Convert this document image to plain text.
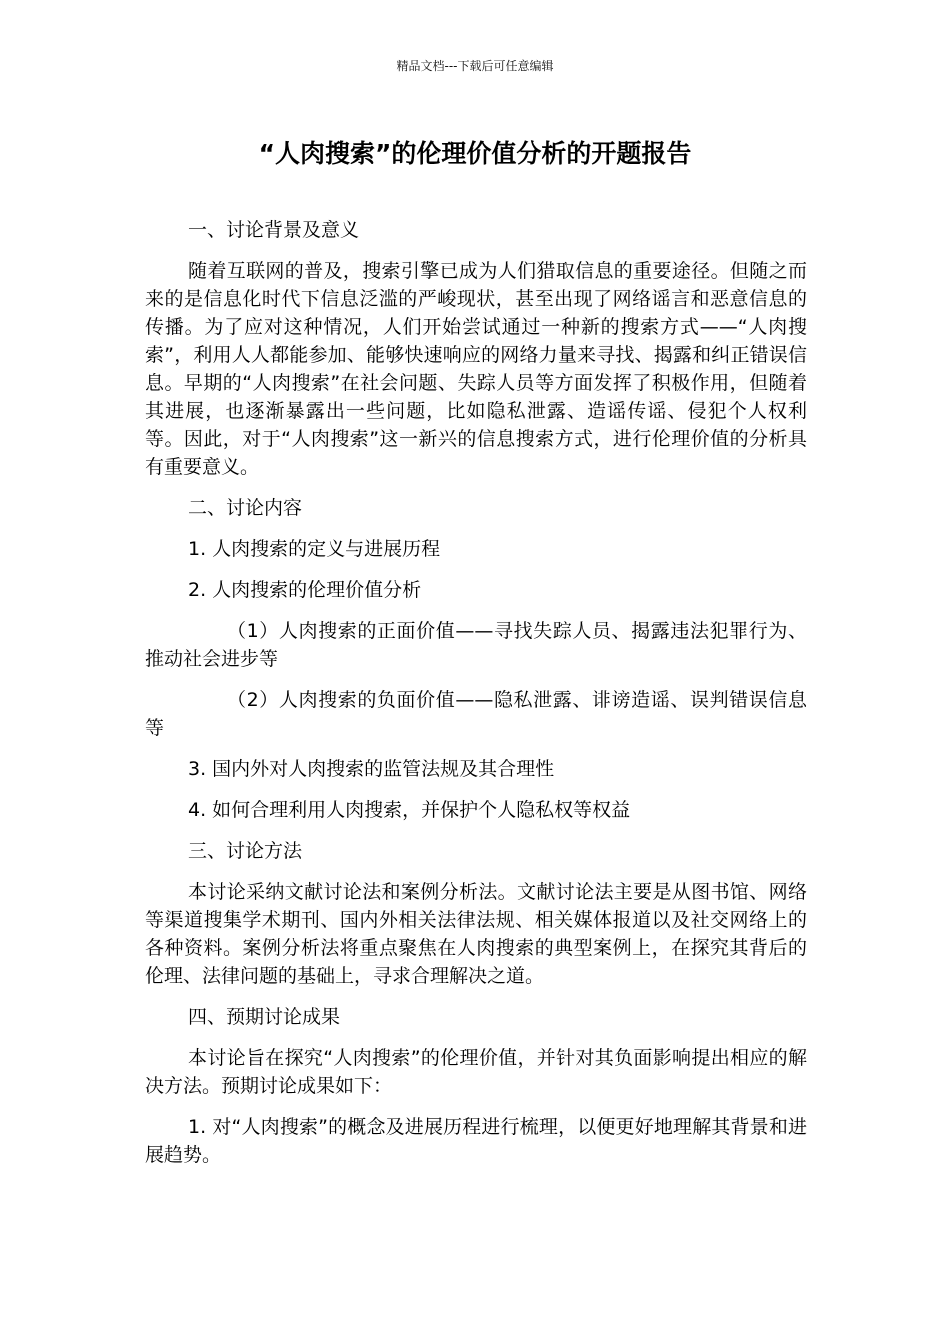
精品文档---下载后可任意编辑
“人肉搜索”的伦理价值分析的开题报告

一、讨论背景及意义

随着互联网的普及，搜索引擎已成为人们猎取信息的重要途径。但随之而来的是信息化时代下信息泛滥的严峻现状，甚至出现了网络谣言和恶意信息的传播。为了应对这种情况，人们开始尝试通过一种新的搜索方式——“人肉搜索”，利用人人都能参加、能够快速响应的网络力量来寻找、揭露和纠正错误信息。早期的“人肉搜索”在社会问题、失踪人员等方面发挥了积极作用，但随着其进展，也逐渐暴露出一些问题，比如隐私泄露、造谣传谣、侵犯个人权利等。因此，对于“人肉搜索”这一新兴的信息搜索方式，进行伦理价值的分析具有重要意义。

二、讨论内容

1. 人肉搜索的定义与进展历程

2. 人肉搜索的伦理价值分析

（1）人肉搜索的正面价值——寻找失踪人员、揭露违法犯罪行为、推动社会进步等

（2）人肉搜索的负面价值——隐私泄露、诽谤造谣、误判错误信息等

3. 国内外对人肉搜索的监管法规及其合理性

4. 如何合理利用人肉搜索，并保护个人隐私权等权益

三、讨论方法

本讨论采纳文献讨论法和案例分析法。文献讨论法主要是从图书馆、网络等渠道搜集学术期刊、国内外相关法律法规、相关媒体报道以及社交网络上的各种资料。案例分析法将重点聚焦在人肉搜索的典型案例上，在探究其背后的伦理、法律问题的基础上，寻求合理解决之道。

四、预期讨论成果

本讨论旨在探究“人肉搜索”的伦理价值，并针对其负面影响提出相应的解决方法。预期讨论成果如下：

1. 对“人肉搜索”的概念及进展历程进行梳理，以便更好地理解其背景和进展趋势。
